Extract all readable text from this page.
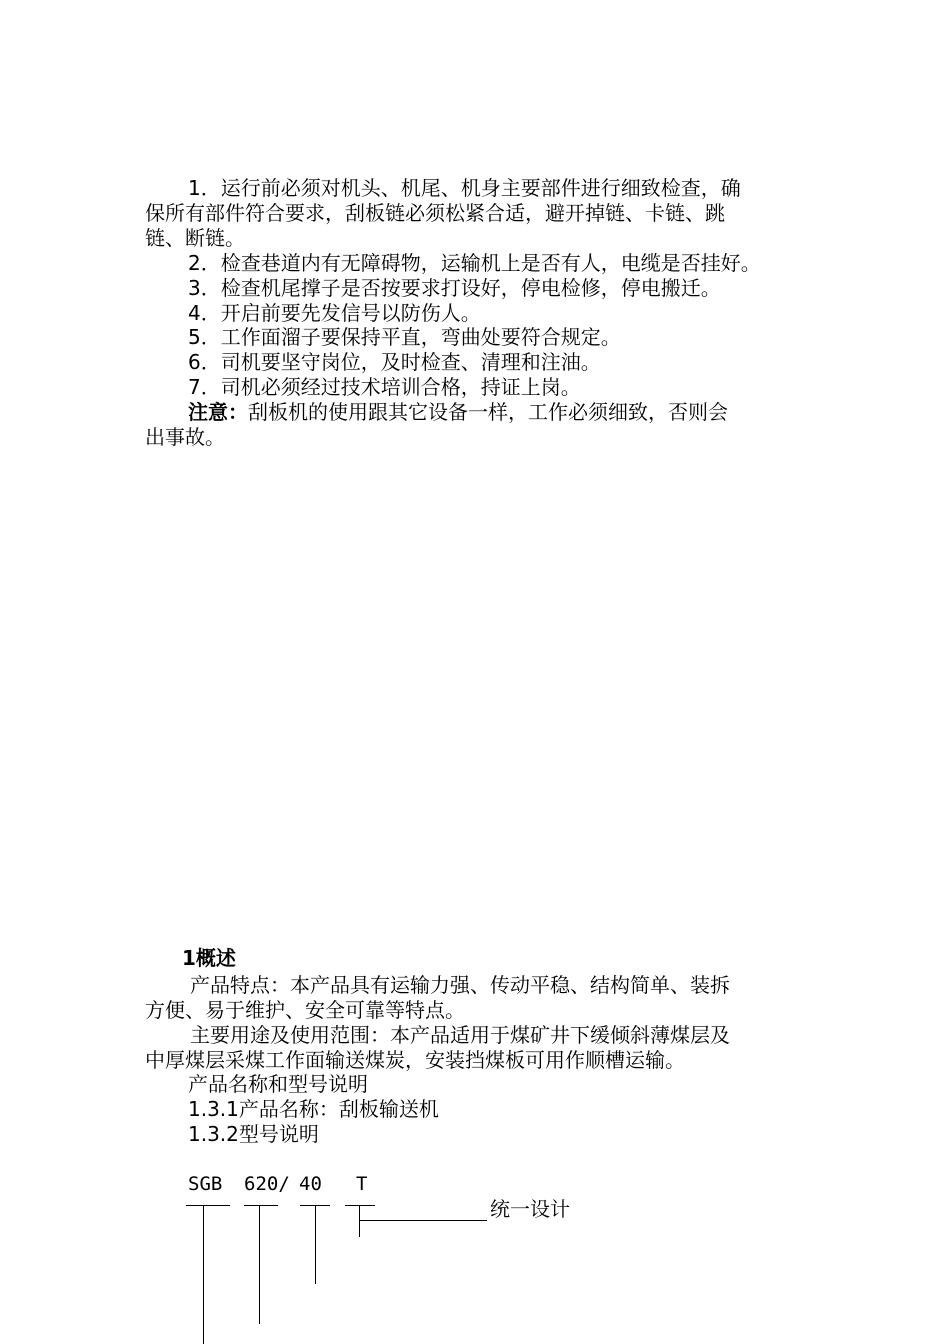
1．运行前必须对机头、机尾、机身主要部件进行细致检查，确
保所有部件符合要求，刮板链必须松紧合适，避开掉链、卡链、跳
链、断链。
2．检查巷道内有无障碍物，运输机上是否有人，电缆是否挂好。
3．检查机尾撑子是否按要求打设好，停电检修，停电搬迁。
4．开启前要先发信号以防伤人。
5．工作面溜子要保持平直，弯曲处要符合规定。
6．司机要坚守岗位，及时检查、清理和注油。
7．司机必须经过技术培训合格，持证上岗。
注意：刮板机的使用跟其它设备一样，工作必须细致，否则会
出事故。
1概述
产品特点：本产品具有运输力强、传动平稳、结构简单、装拆
方便、易于维护、安全可靠等特点。
主要用途及使用范围：本产品适用于煤矿井下缓倾斜薄煤层及
中厚煤层采煤工作面输送煤炭，安装挡煤板可用作顺槽运输。
产品名称和型号说明
1.3.1产品名称：刮板输送机
1.3.2型号说明
SGB 620/ 40 T
统一设计
